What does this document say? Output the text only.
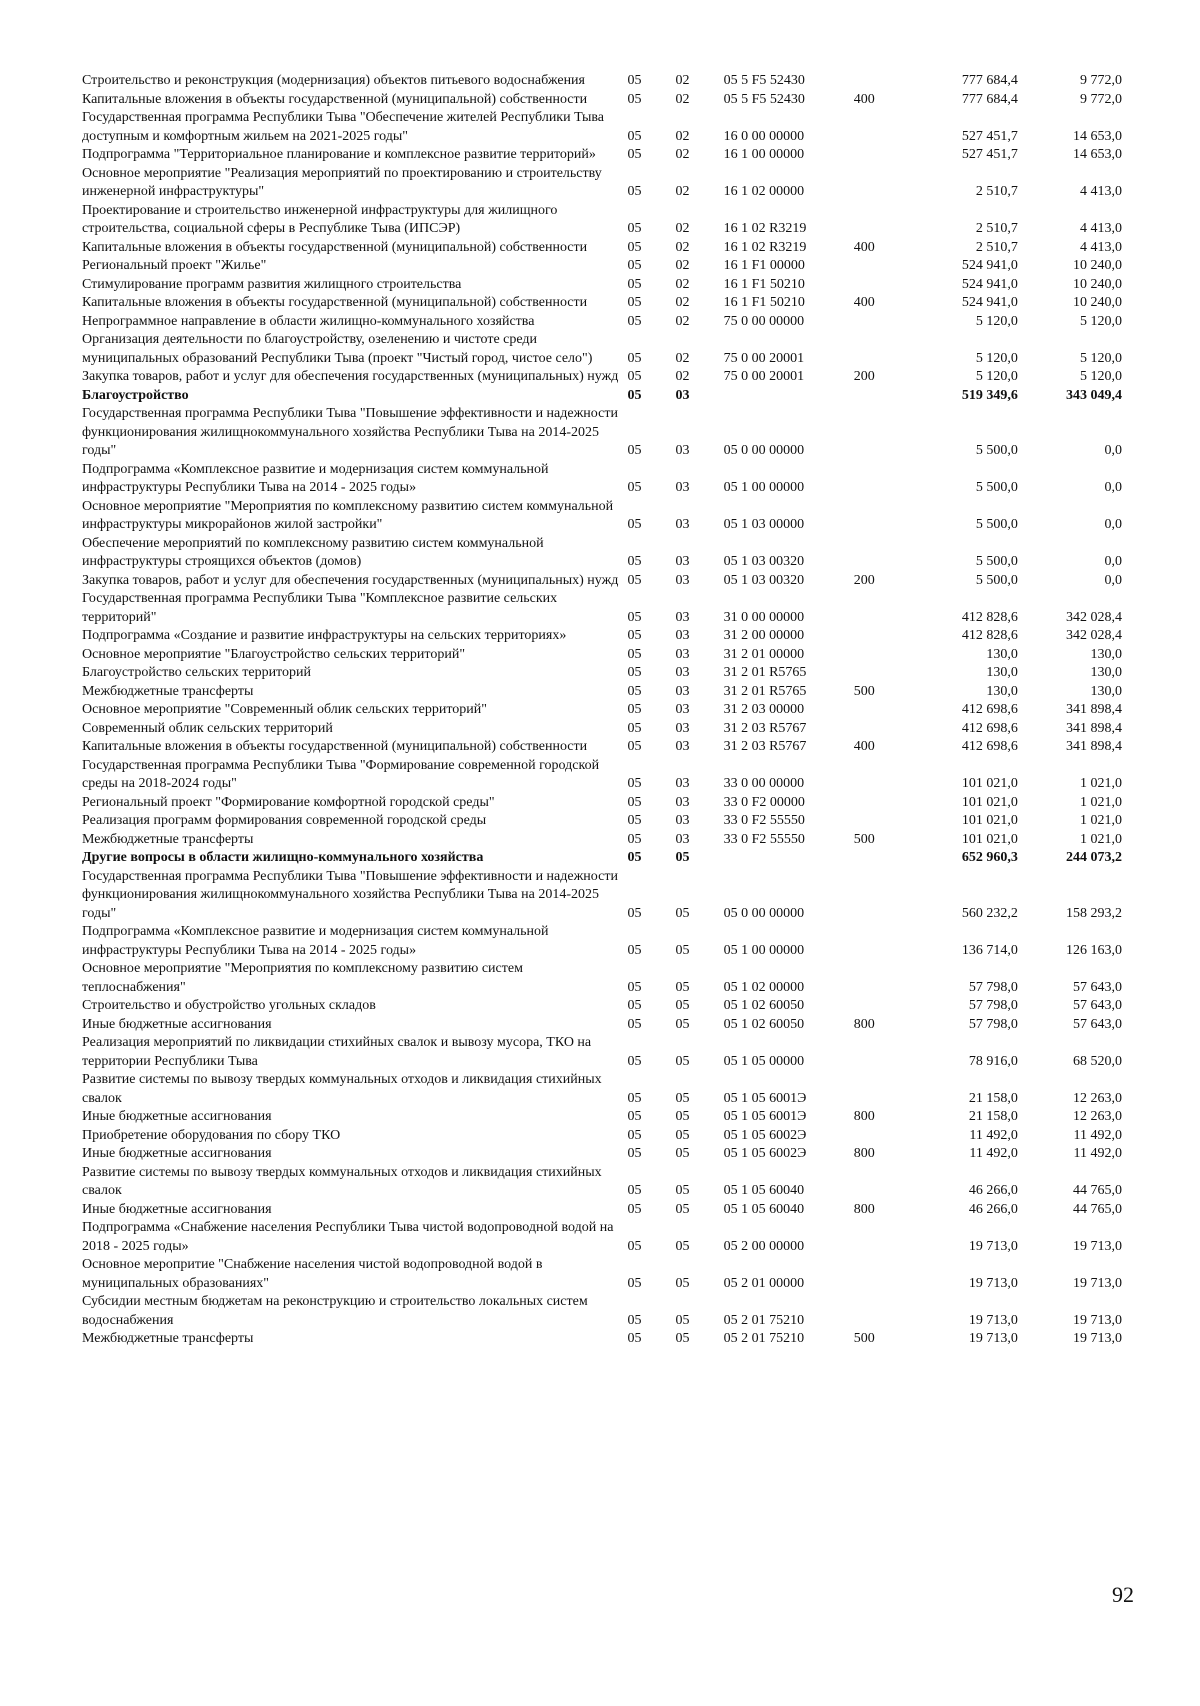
Строительство и реконструкция (модернизация) объектов питьевого водоснабжения	05	02	05 5 F5 52430		777 684,4	9 772,0
Капитальные вложения в объекты государственной (муниципальной) собственности	05	02	05 5 F5 52430	400	777 684,4	9 772,0
Государственная программа Республики Тыва "Обеспечение жителей Республики Тыва доступным и комфортным жильем на 2021-2025 годы"	05	02	16 0 00 00000		527 451,7	14 653,0
Подпрограмма "Территориальное планирование и комплексное развитие территорий»	05	02	16 1 00 00000		527 451,7	14 653,0
Основное мероприятие "Реализация мероприятий по проектированию и строительству инженерной инфраструктуры"	05	02	16 1 02 00000		2 510,7	4 413,0
Проектирование и строительство инженерной инфраструктуры для жилищного строительства, социальной сферы в Республике Тыва (ИПСЭР)	05	02	16 1 02 R3219		2 510,7	4 413,0
Капитальные вложения в объекты государственной (муниципальной) собственности	05	02	16 1 02 R3219	400	2 510,7	4 413,0
Региональный проект "Жилье"	05	02	16 1 F1 00000		524 941,0	10 240,0
Стимулирование программ развития жилищного строительства	05	02	16 1 F1 50210		524 941,0	10 240,0
Капитальные вложения в объекты государственной (муниципальной) собственности	05	02	16 1 F1 50210	400	524 941,0	10 240,0
Непрограммное направление в области жилищно-коммунального хозяйства	05	02	75 0 00 00000		5 120,0	5 120,0
Организация деятельности по благоустройству, озеленению и чистоте среди муниципальных образований Республики Тыва (проект "Чистый город, чистое село")	05	02	75 0 00 20001		5 120,0	5 120,0
Закупка товаров, работ и услуг для обеспечения государственных (муниципальных) нужд	05	02	75 0 00 20001	200	5 120,0	5 120,0
Благоустройство	05	03			519 349,6	343 049,4
Государственная программа Республики Тыва "Повышение эффективности и надежности функционирования жилищнокоммунального хозяйства Республики Тыва на 2014-2025 годы"	05	03	05 0 00 00000		5 500,0	0,0
Подпрограмма «Комплексное развитие и модернизация систем коммунальной инфраструктуры Республики Тыва на 2014 - 2025 годы»	05	03	05 1 00 00000		5 500,0	0,0
Основное мероприятие "Мероприятия по комплексному развитию систем коммунальной инфраструктуры микрорайонов жилой застройки"	05	03	05 1 03 00000		5 500,0	0,0
Обеспечение мероприятий по комплексному развитию систем коммунальной инфраструктуры строящихся объектов (домов)	05	03	05 1 03 00320		5 500,0	0,0
Закупка товаров, работ и услуг для обеспечения государственных (муниципальных) нужд	05	03	05 1 03 00320	200	5 500,0	0,0
Государственная программа Республики Тыва "Комплексное развитие сельских территорий"	05	03	31 0 00 00000		412 828,6	342 028,4
Подпрограмма «Создание и развитие инфраструктуры на сельских территориях»	05	03	31 2 00 00000		412 828,6	342 028,4
Основное мероприятие "Благоустройство сельских территорий"	05	03	31 2 01 00000		130,0	130,0
Благоустройство сельских территорий	05	03	31 2 01 R5765		130,0	130,0
Межбюджетные трансферты	05	03	31 2 01 R5765	500	130,0	130,0
Основное мероприятие "Современный облик сельских территорий"	05	03	31 2 03 00000		412 698,6	341 898,4
Современный облик сельских территорий	05	03	31 2 03 R5767		412 698,6	341 898,4
Капитальные вложения в объекты государственной (муниципальной) собственности	05	03	31 2 03 R5767	400	412 698,6	341 898,4
Государственная программа Республики Тыва "Формирование современной городской среды на 2018-2024 годы"	05	03	33 0 00 00000		101 021,0	1 021,0
Региональный проект "Формирование комфортной городской среды"	05	03	33 0 F2 00000		101 021,0	1 021,0
Реализация программ формирования современной городской среды	05	03	33 0 F2 55550		101 021,0	1 021,0
Межбюджетные трансферты	05	03	33 0 F2 55550	500	101 021,0	1 021,0
Другие вопросы в области жилищно-коммунального хозяйства	05	05			652 960,3	244 073,2
Государственная программа Республики Тыва "Повышение эффективности и надежности функционирования жилищнокоммунального хозяйства Республики Тыва на 2014-2025 годы"	05	05	05 0 00 00000		560 232,2	158 293,2
Подпрограмма «Комплексное развитие и модернизация систем коммунальной инфраструктуры Республики Тыва на 2014 - 2025 годы»	05	05	05 1 00 00000		136 714,0	126 163,0
Основное мероприятие "Мероприятия по комплексному развитию систем теплоснабжения"	05	05	05 1 02 00000		57 798,0	57 643,0
Строительство и обустройство угольных складов	05	05	05 1 02 60050		57 798,0	57 643,0
Иные бюджетные ассигнования	05	05	05 1 02 60050	800	57 798,0	57 643,0
Реализация мероприятий по ликвидации стихийных свалок и вывозу мусора, ТКО на территории Республики Тыва	05	05	05 1 05 00000		78 916,0	68 520,0
Развитие системы по вывозу твердых коммунальных отходов и ликвидация стихийных свалок	05	05	05 1 05 6001Э		21 158,0	12 263,0
Иные бюджетные ассигнования	05	05	05 1 05 6001Э	800	21 158,0	12 263,0
Приобретение оборудования по сбору ТКО	05	05	05 1 05 6002Э		11 492,0	11 492,0
Иные бюджетные ассигнования	05	05	05 1 05 6002Э	800	11 492,0	11 492,0
Развитие системы по вывозу твердых коммунальных отходов и ликвидация стихийных свалок	05	05	05 1 05 60040		46 266,0	44 765,0
Иные бюджетные ассигнования	05	05	05 1 05 60040	800	46 266,0	44 765,0
Подпрограмма «Снабжение населения Республики Тыва чистой водопроводной водой на 2018 - 2025 годы»	05	05	05 2 00 00000		19 713,0	19 713,0
Основное меропритие "Снабжение населения чистой водопроводной водой в муниципальных образованиях"	05	05	05 2 01 00000		19 713,0	19 713,0
Субсидии местным бюджетам на реконструкцию и строительство локальных систем водоснабжения	05	05	05 2 01 75210		19 713,0	19 713,0
Межбюджетные трансферты	05	05	05 2 01 75210	500	19 713,0	19 713,0
92
